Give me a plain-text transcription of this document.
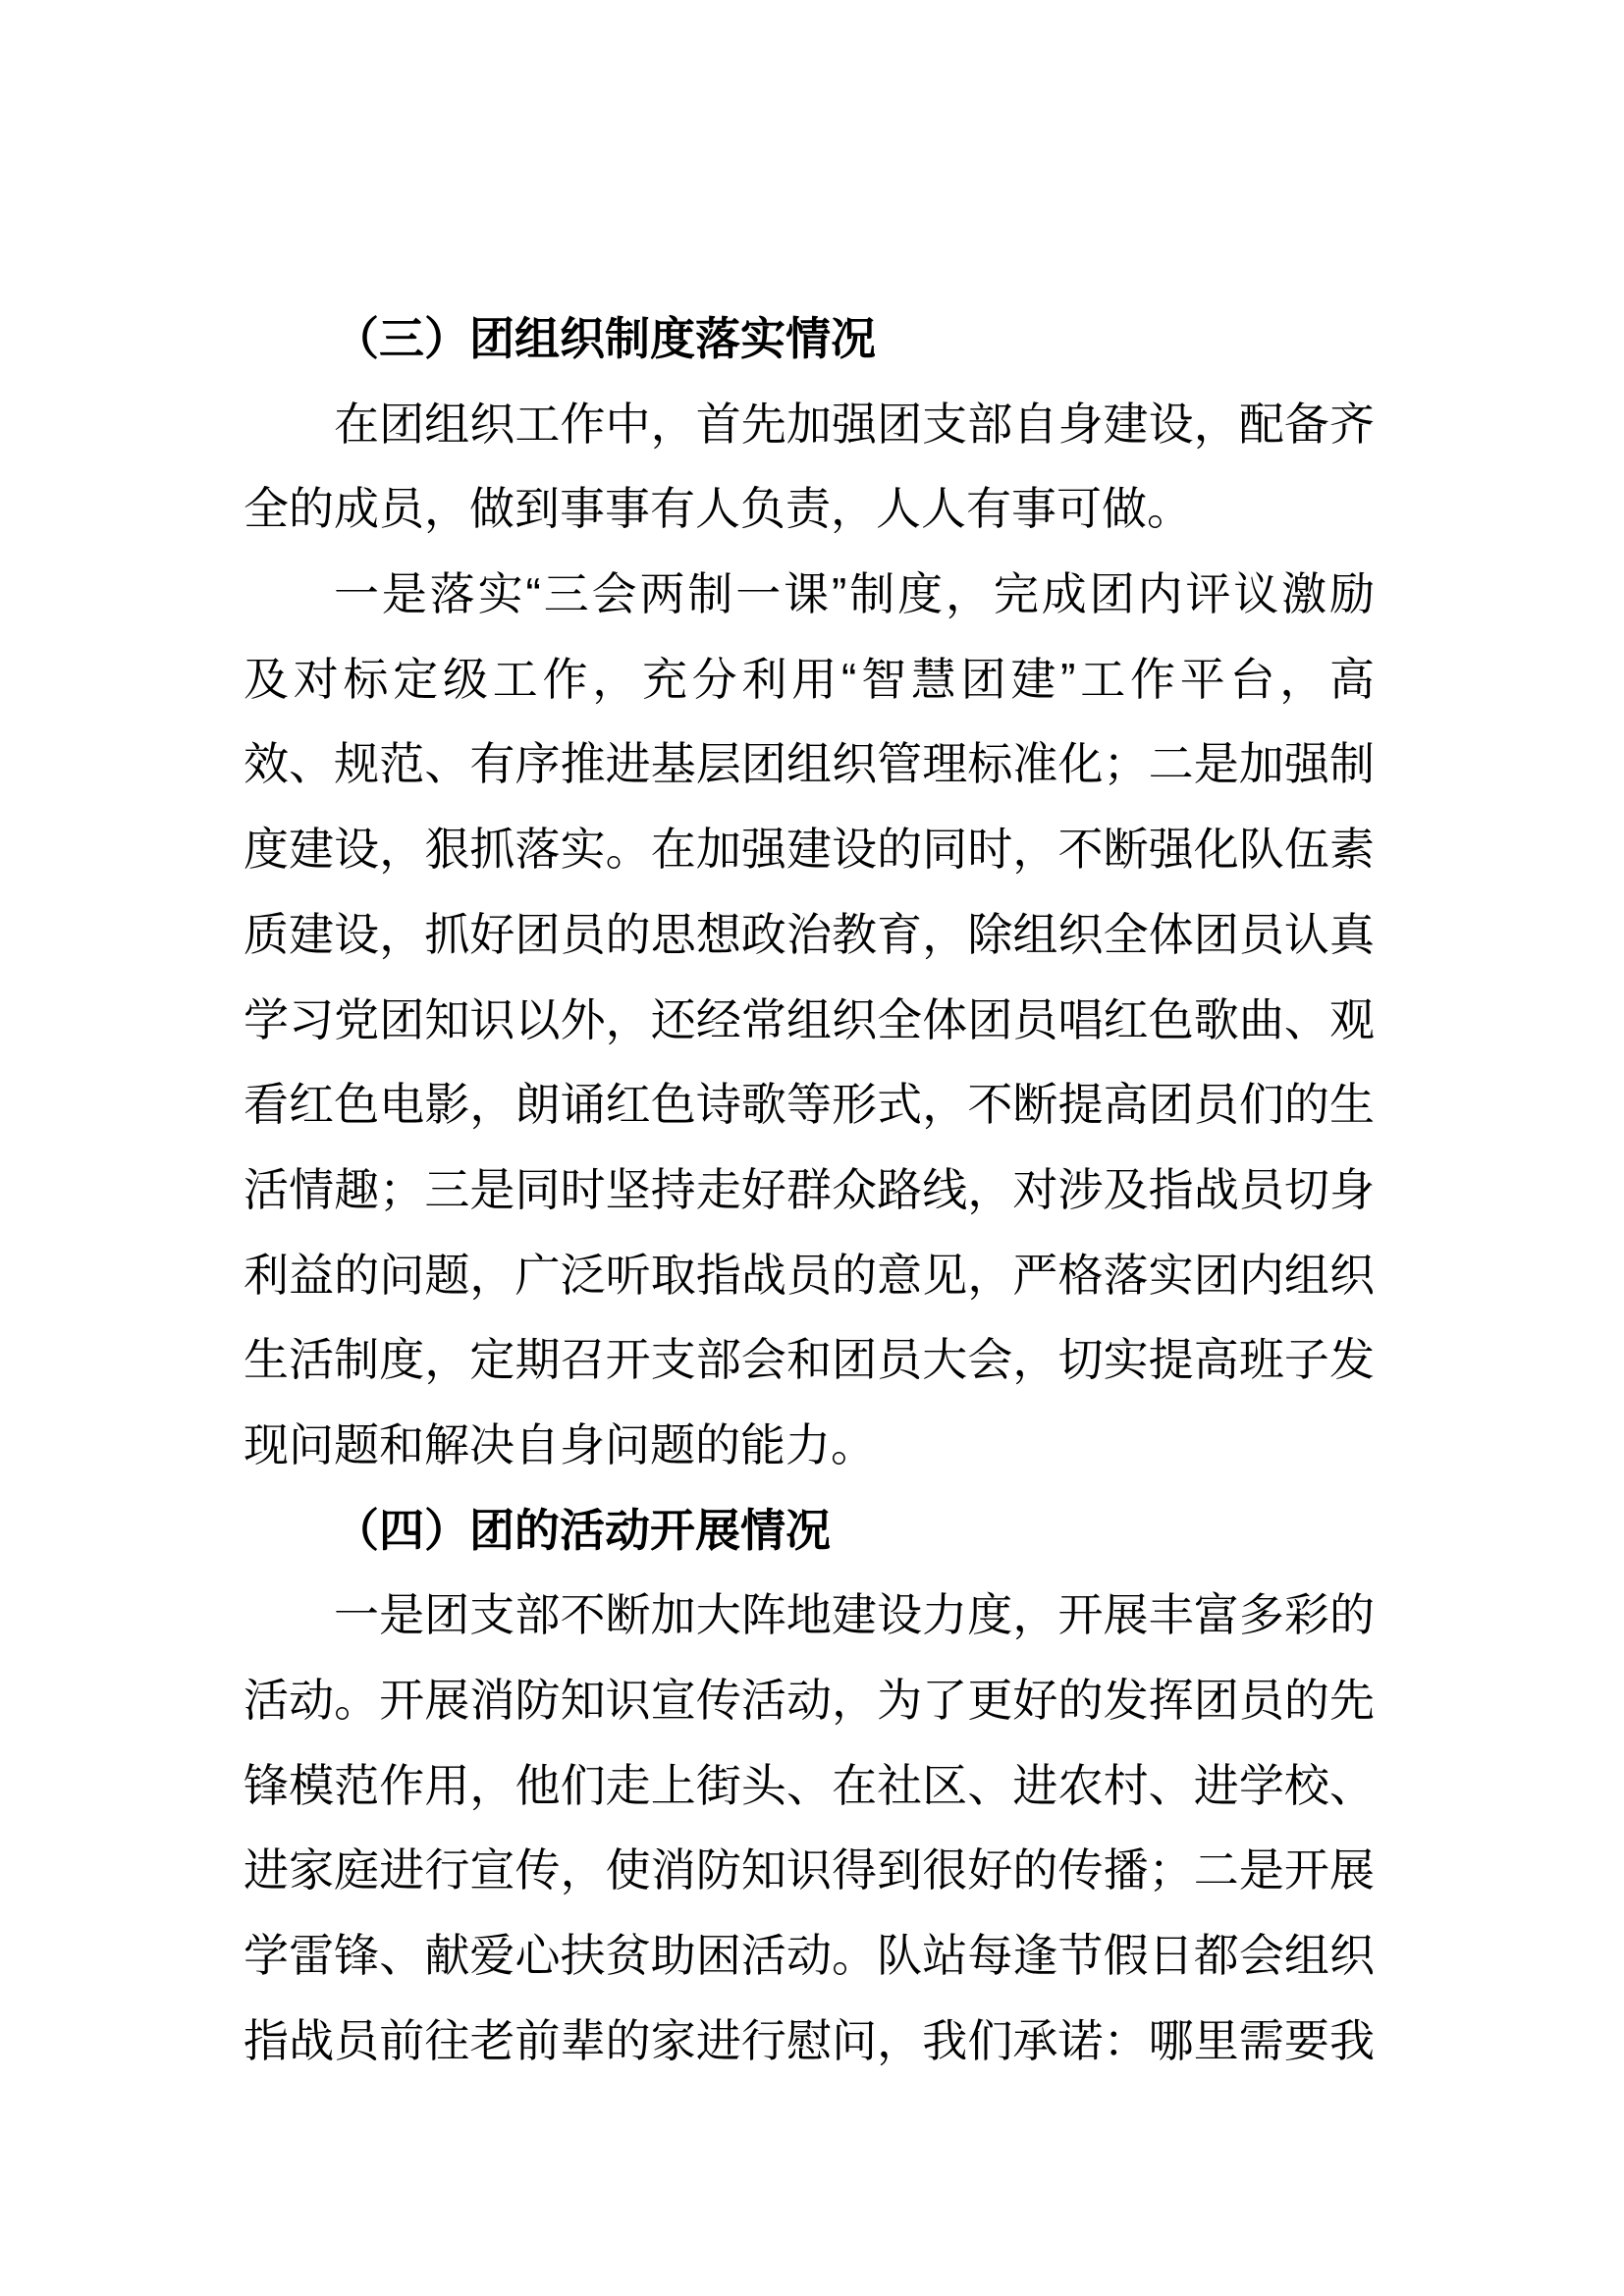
（三）团组织制度落实情况
在团组织工作中，首先加强团支部自身建设，配备齐
全的成员，做到事事有人负责，人人有事可做。
一是落实“三会两制一课”制度，完成团内评议激励
及对标定级工作，充分利用“智慧团建”工作平台，高
效、规范、有序推进基层团组织管理标准化；二是加强制
度建设，狠抓落实。在加强建设的同时，不断强化队伍素
质建设，抓好团员的思想政治教育，除组织全体团员认真
学习党团知识以外，还经常组织全体团员唱红色歌曲、观
看红色电影，朗诵红色诗歌等形式，不断提高团员们的生
活情趣；三是同时坚持走好群众路线，对涉及指战员切身
利益的问题，广泛听取指战员的意见，严格落实团内组织
生活制度，定期召开支部会和团员大会，切实提高班子发
现问题和解决自身问题的能力。
（四）团的活动开展情况
一是团支部不断加大阵地建设力度，开展丰富多彩的
活动。开展消防知识宣传活动，为了更好的发挥团员的先
锋模范作用，他们走上街头、在社区、进农村、进学校、
进家庭进行宣传，使消防知识得到很好的传播；二是开展
学雷锋、献爱心扶贫助困活动。队站每逢节假日都会组织
指战员前往老前辈的家进行慰问，我们承诺：哪里需要我
